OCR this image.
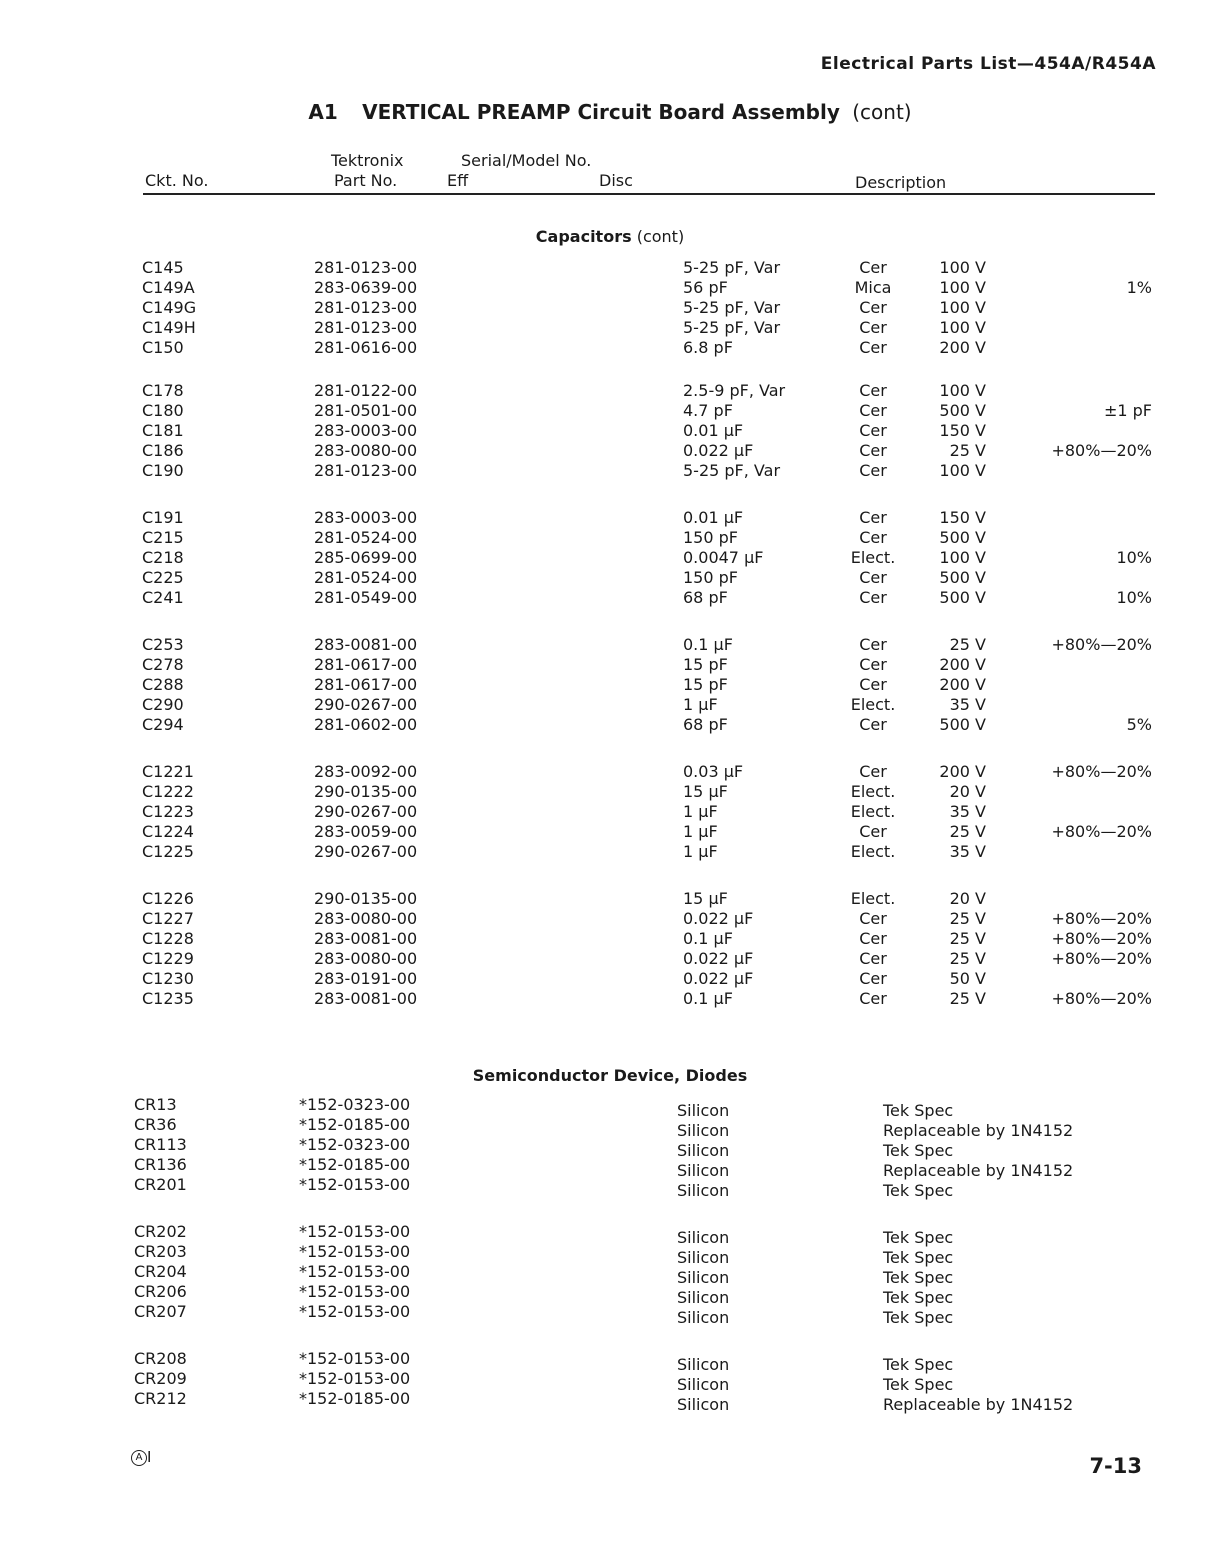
Electrical Parts List—454A/R454A
A1 VERTICAL PREAMP Circuit Board Assembly (cont)
Tektronix	Serial/Model No.
Ckt. No.	Part No.	Eff	Disc	Description
Capacitors (cont)
C145	281-0123-00	5-25 pF, Var	Cer	100 V
C149A	283-0639-00	56 pF	Mica	100 V	1%
C149G	281-0123-00	5-25 pF, Var	Cer	100 V
C149H	281-0123-00	5-25 pF, Var	Cer	100 V
C150	281-0616-00	6.8 pF	Cer	200 V
C178	281-0122-00	2.5-9 pF, Var	Cer	100 V
C180	281-0501-00	4.7 pF	Cer	500 V	±1 pF
C181	283-0003-00	0.01 μF	Cer	150 V
C186	283-0080-00	0.022 μF	Cer	25 V	+80%—20%
C190	281-0123-00	5-25 pF, Var	Cer	100 V
C191	283-0003-00	0.01 μF	Cer	150 V
C215	281-0524-00	150 pF	Cer	500 V
C218	285-0699-00	0.0047 μF	Elect.	100 V	10%
C225	281-0524-00	150 pF	Cer	500 V
C241	281-0549-00	68 pF	Cer	500 V	10%
C253	283-0081-00	0.1 μF	Cer	25 V	+80%—20%
C278	281-0617-00	15 pF	Cer	200 V
C288	281-0617-00	15 pF	Cer	200 V
C290	290-0267-00	1 μF	Elect.	35 V
C294	281-0602-00	68 pF	Cer	500 V	5%
C1221	283-0092-00	0.03 μF	Cer	200 V	+80%—20%
C1222	290-0135-00	15 μF	Elect.	20 V
C1223	290-0267-00	1 μF	Elect.	35 V
C1224	283-0059-00	1 μF	Cer	25 V	+80%—20%
C1225	290-0267-00	1 μF	Elect.	35 V
C1226	290-0135-00	15 μF	Elect.	20 V
C1227	283-0080-00	0.022 μF	Cer	25 V	+80%—20%
C1228	283-0081-00	0.1 μF	Cer	25 V	+80%—20%
C1229	283-0080-00	0.022 μF	Cer	25 V	+80%—20%
C1230	283-0191-00	0.022 μF	Cer	50 V
C1235	283-0081-00	0.1 μF	Cer	25 V	+80%—20%
Semiconductor Device, Diodes
CR13	*152-0323-00	Silicon	Tek Spec
CR36	*152-0185-00	Silicon	Replaceable by 1N4152
CR113	*152-0323-00	Silicon	Tek Spec
CR136	*152-0185-00	Silicon	Replaceable by 1N4152
CR201	*152-0153-00	Silicon	Tek Spec
CR202	*152-0153-00	Silicon	Tek Spec
CR203	*152-0153-00	Silicon	Tek Spec
CR204	*152-0153-00	Silicon	Tek Spec
CR206	*152-0153-00	Silicon	Tek Spec
CR207	*152-0153-00	Silicon	Tek Spec
CR208	*152-0153-00	Silicon	Tek Spec
CR209	*152-0153-00	Silicon	Tek Spec
CR212	*152-0185-00	Silicon	Replaceable by 1N4152
A I	7-13
